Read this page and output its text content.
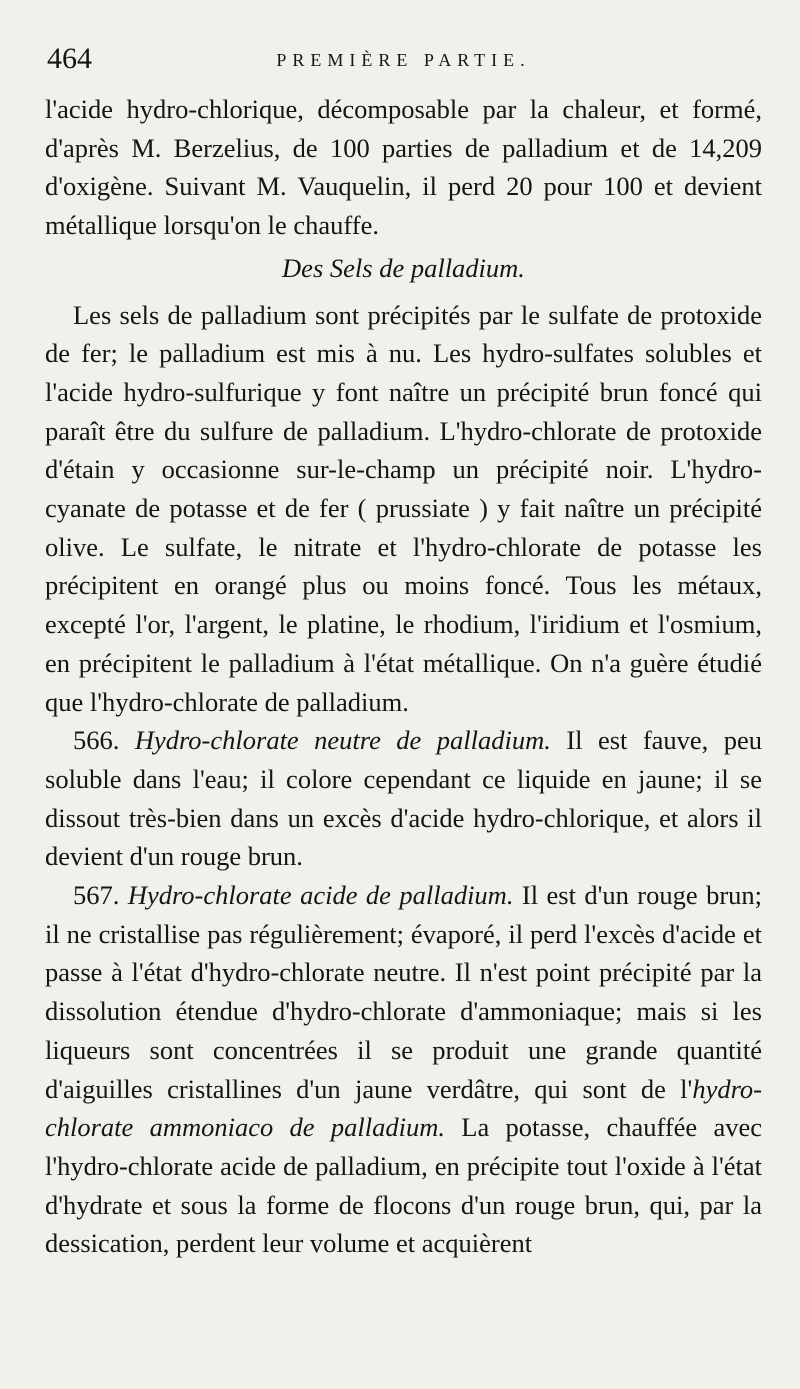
464	PREMIÈRE PARTIE.

l'acide hydro-chlorique, décomposable par la chaleur, et formé, d'après M. Berzelius, de 100 parties de palladium et de 14,209 d'oxigène. Suivant M. Vauquelin, il perd 20 pour 100 et devient métallique lorsqu'on le chauffe.

Des Sels de palladium.

Les sels de palladium sont précipités par le sulfate de protoxide de fer; le palladium est mis à nu. Les hydro-sulfates solubles et l'acide hydro-sulfurique y font naître un précipité brun foncé qui paraît être du sulfure de palladium. L'hydro-chlorate de protoxide d'étain y occasionne sur-le-champ un précipité noir. L'hydro-cyanate de potasse et de fer ( prussiate ) y fait naître un précipité olive. Le sulfate, le nitrate et l'hydro-chlorate de potasse les précipitent en orangé plus ou moins foncé. Tous les métaux, excepté l'or, l'argent, le platine, le rhodium, l'iridium et l'osmium, en précipitent le palladium à l'état métallique. On n'a guère étudié que l'hydro-chlorate de palladium.

566. Hydro-chlorate neutre de palladium. Il est fauve, peu soluble dans l'eau; il colore cependant ce liquide en jaune; il se dissout très-bien dans un excès d'acide hydro-chlorique, et alors il devient d'un rouge brun.

567. Hydro-chlorate acide de palladium. Il est d'un rouge brun; il ne cristallise pas régulièrement; évaporé, il perd l'excès d'acide et passe à l'état d'hydro-chlorate neutre. Il n'est point précipité par la dissolution étendue d'hydro-chlorate d'ammoniaque; mais si les liqueurs sont concentrées il se produit une grande quantité d'aiguilles cristallines d'un jaune verdâtre, qui sont de l'hydro-chlorate ammoniaco de palladium. La potasse, chauffée avec l'hydro-chlorate acide de palladium, en précipite tout l'oxide à l'état d'hydrate et sous la forme de flocons d'un rouge brun, qui, par la dessication, perdent leur volume et acquièrent
